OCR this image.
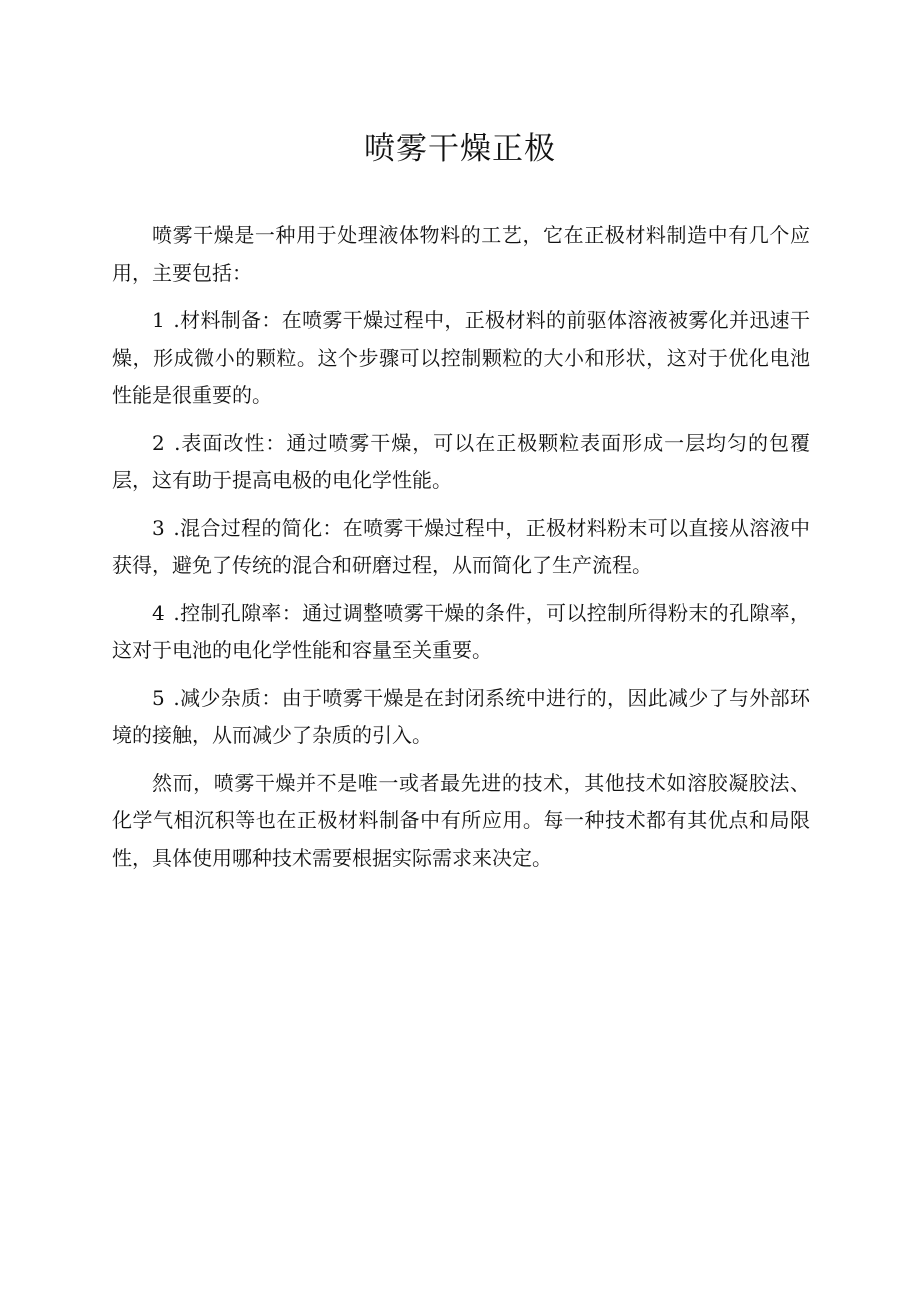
喷雾干燥正极

喷雾干燥是一种用于处理液体物料的工艺，它在正极材料制造中有几个应用，主要包括：

1 .材料制备：在喷雾干燥过程中，正极材料的前驱体溶液被雾化并迅速干燥，形成微小的颗粒。这个步骤可以控制颗粒的大小和形状，这对于优化电池性能是很重要的。

2 .表面改性：通过喷雾干燥，可以在正极颗粒表面形成一层均匀的包覆层，这有助于提高电极的电化学性能。

3 .混合过程的简化：在喷雾干燥过程中，正极材料粉末可以直接从溶液中获得，避免了传统的混合和研磨过程，从而简化了生产流程。

4 .控制孔隙率：通过调整喷雾干燥的条件，可以控制所得粉末的孔隙率，这对于电池的电化学性能和容量至关重要。

5 .减少杂质：由于喷雾干燥是在封闭系统中进行的，因此减少了与外部环境的接触，从而减少了杂质的引入。

然而，喷雾干燥并不是唯一或者最先进的技术，其他技术如溶胶凝胶法、化学气相沉积等也在正极材料制备中有所应用。每一种技术都有其优点和局限性，具体使用哪种技术需要根据实际需求来决定。
